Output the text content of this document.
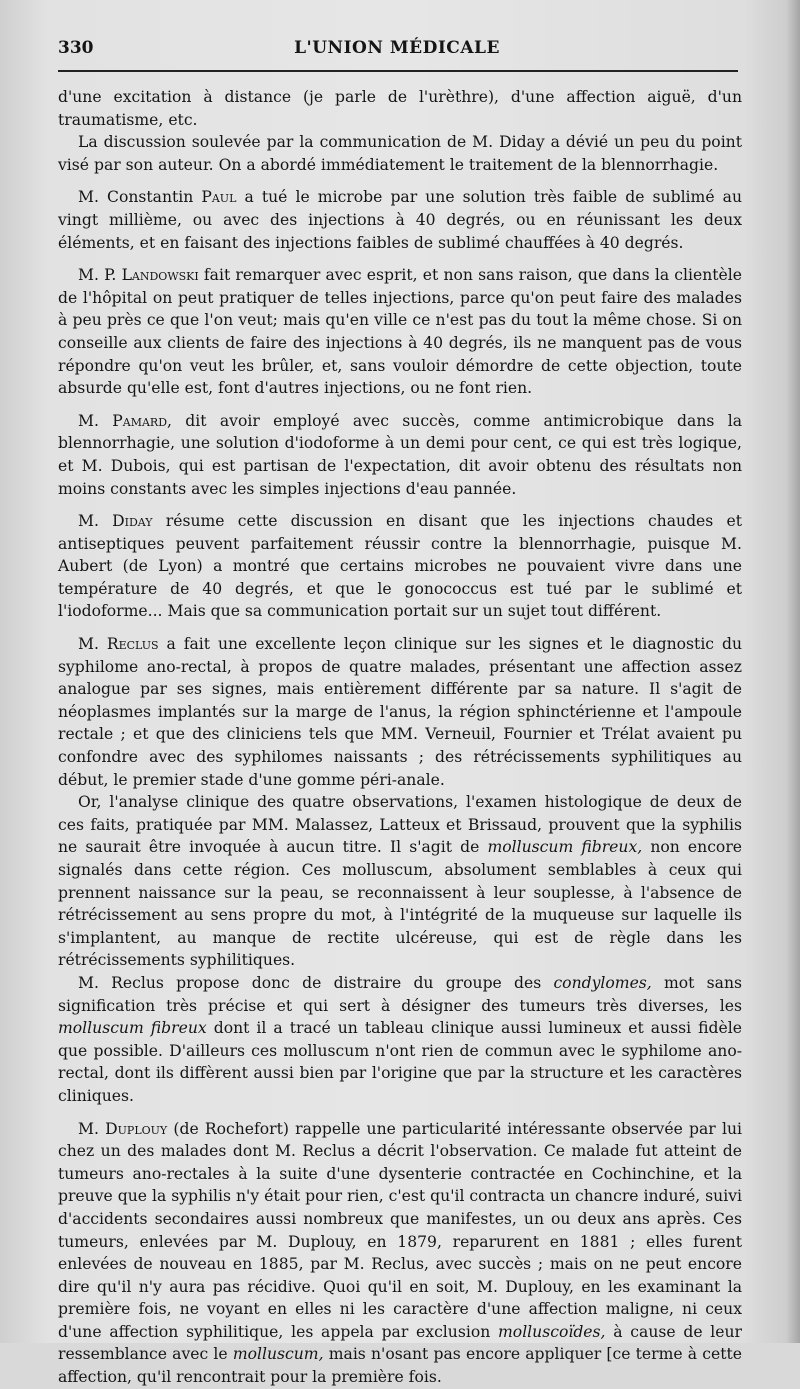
330	L'UNION MÉDICALE

d'une excitation à distance (je parle de l'urèthre), d'une affection aiguë, d'un traumatisme, etc.

La discussion soulevée par la communication de M. Diday a dévié un peu du point visé par son auteur. On a abordé immédiatement le traitement de la blennorrhagie.

M. Constantin Paul a tué le microbe par une solution très faible de sublimé au vingt millième, ou avec des injections à 40 degrés, ou en réunissant les deux éléments, et en faisant des injections faibles de sublimé chauffées à 40 degrés.

M. P. Landowski fait remarquer avec esprit, et non sans raison, que dans la clientèle de l'hôpital on peut pratiquer de telles injections, parce qu'on peut faire des malades à peu près ce que l'on veut; mais qu'en ville ce n'est pas du tout la même chose. Si on conseille aux clients de faire des injections à 40 degrés, ils ne manquent pas de vous répondre qu'on veut les brûler, et, sans vouloir démordre de cette objection, toute absurde qu'elle est, font d'autres injections, ou ne font rien.

M. Pamard, dit avoir employé avec succès, comme antimicrobique dans la blennorrhagie, une solution d'iodoforme à un demi pour cent, ce qui est très logique, et M. Dubois, qui est partisan de l'expectation, dit avoir obtenu des résultats non moins constants avec les simples injections d'eau pannée.

M. Diday résume cette discussion en disant que les injections chaudes et antiseptiques peuvent parfaitement réussir contre la blennorrhagie, puisque M. Aubert (de Lyon) a montré que certains microbes ne pouvaient vivre dans une température de 40 degrés, et que le gonococcus est tué par le sublimé et l'iodoforme... Mais que sa communication portait sur un sujet tout différent.

M. Reclus a fait une excellente leçon clinique sur les signes et le diagnostic du syphilome ano-rectal, à propos de quatre malades, présentant une affection assez analogue par ses signes, mais entièrement différente par sa nature. Il s'agit de néoplasmes implantés sur la marge de l'anus, la région sphinctérienne et l'ampoule rectale ; et que des cliniciens tels que MM. Verneuil, Fournier et Trélat avaient pu confondre avec des syphilomes naissants ; des rétrécissements syphilitiques au début, le premier stade d'une gomme péri-anale.

Or, l'analyse clinique des quatre observations, l'examen histologique de deux de ces faits, pratiquée par MM. Malassez, Latteux et Brissaud, prouvent que la syphilis ne saurait être invoquée à aucun titre. Il s'agit de molluscum fibreux, non encore signalés dans cette région. Ces molluscum, absolument semblables à ceux qui prennent naissance sur la peau, se reconnaissent à leur souplesse, à l'absence de rétrécissement au sens propre du mot, à l'intégrité de la muqueuse sur laquelle ils s'implantent, au manque de rectite ulcéreuse, qui est de règle dans les rétrécissements syphilitiques.

M. Reclus propose donc de distraire du groupe des condylomes, mot sans signification très précise et qui sert à désigner des tumeurs très diverses, les molluscum fibreux dont il a tracé un tableau clinique aussi lumineux et aussi fidèle que possible. D'ailleurs ces molluscum n'ont rien de commun avec le syphilome ano-rectal, dont ils diffèrent aussi bien par l'origine que par la structure et les caractères cliniques.

M. Duplouy (de Rochefort) rappelle une particularité intéressante observée par lui chez un des malades dont M. Reclus a décrit l'observation. Ce malade fut atteint de tumeurs ano-rectales à la suite d'une dysenterie contractée en Cochinchine, et la preuve que la syphilis n'y était pour rien, c'est qu'il contracta un chancre induré, suivi d'accidents secondaires aussi nombreux que manifestes, un ou deux ans après. Ces tumeurs, enlevées par M. Duplouy, en 1879, reparurent en 1881 ; elles furent enlevées de nouveau en 1885, par M. Reclus, avec succès ; mais on ne peut encore dire qu'il n'y aura pas récidive. Quoi qu'il en soit, M. Duplouy, en les examinant la première fois, ne voyant en elles ni les caractère d'une affection maligne, ni ceux d'une affection syphilitique, les appela par exclusion molluscoïdes, à cause de leur ressemblance avec le molluscum, mais n'osant pas encore appliquer [ce terme à cette affection, qu'il rencontrait pour la première fois.
